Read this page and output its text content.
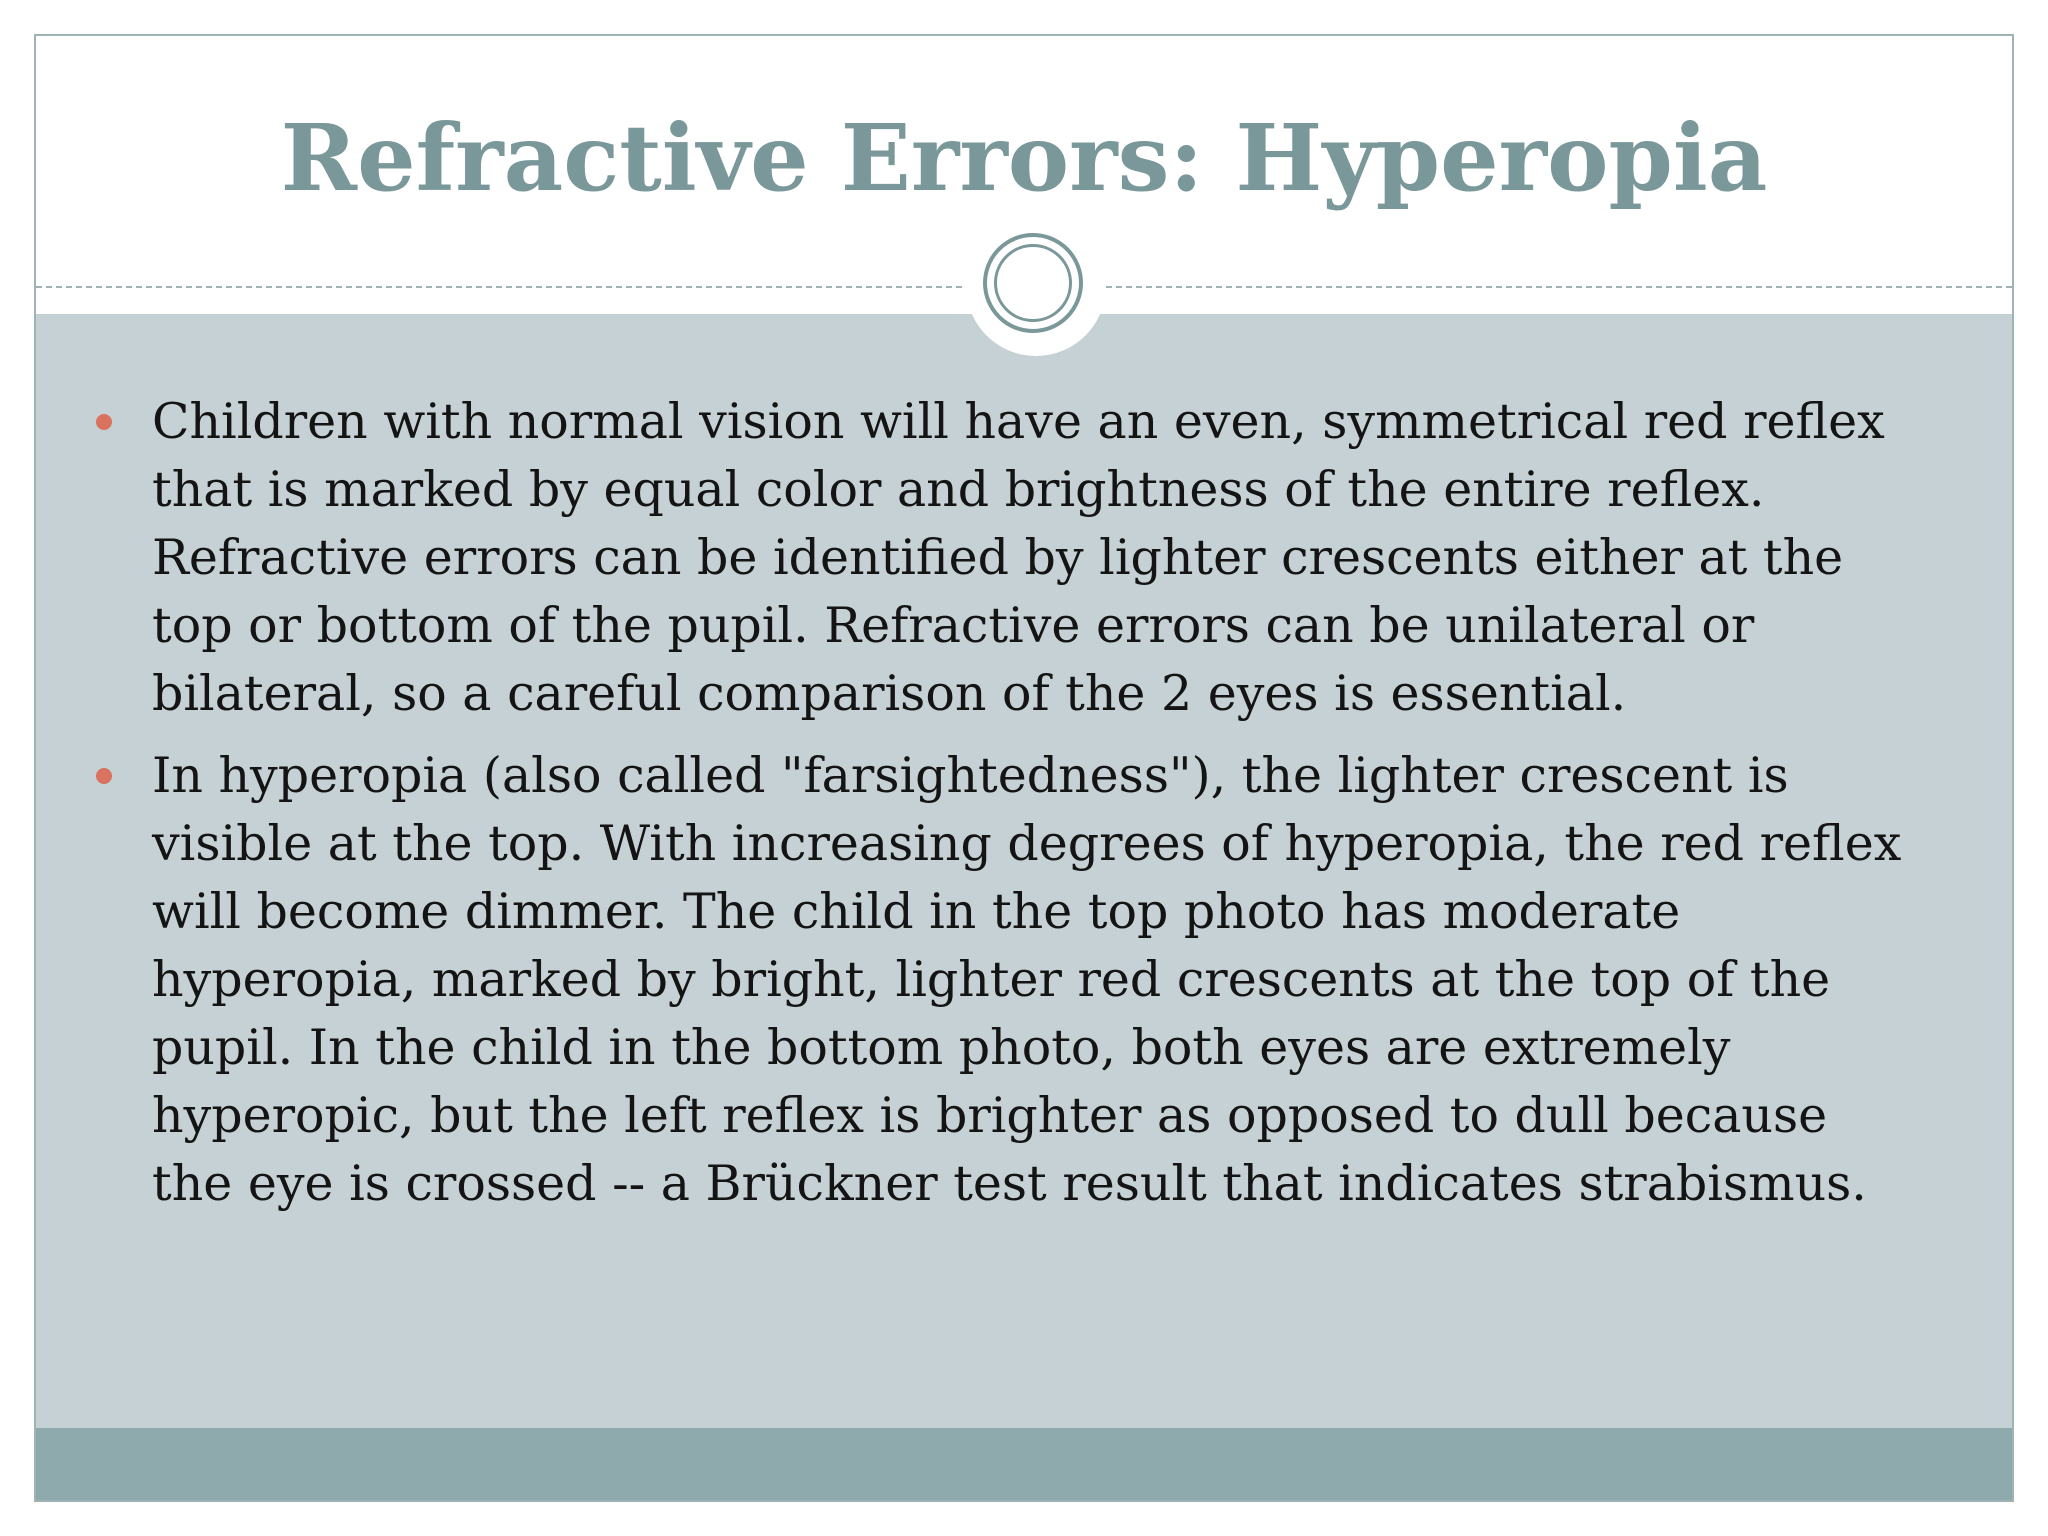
Refractive Errors: Hyperopia
Children with normal vision will have an even, symmetrical red reflex that is marked by equal color and brightness of the entire reflex. Refractive errors can be identified by lighter crescents either at the top or bottom of the pupil. Refractive errors can be unilateral or bilateral, so a careful comparison of the 2 eyes is essential.
In hyperopia (also called "farsightedness"), the lighter crescent is visible at the top. With increasing degrees of hyperopia, the red reflex will become dimmer. The child in the top photo has moderate hyperopia, marked by bright, lighter red crescents at the top of the pupil. In the child in the bottom photo, both eyes are extremely hyperopic, but the left reflex is brighter as opposed to dull because the eye is crossed -- a Brückner test result that indicates strabismus.
